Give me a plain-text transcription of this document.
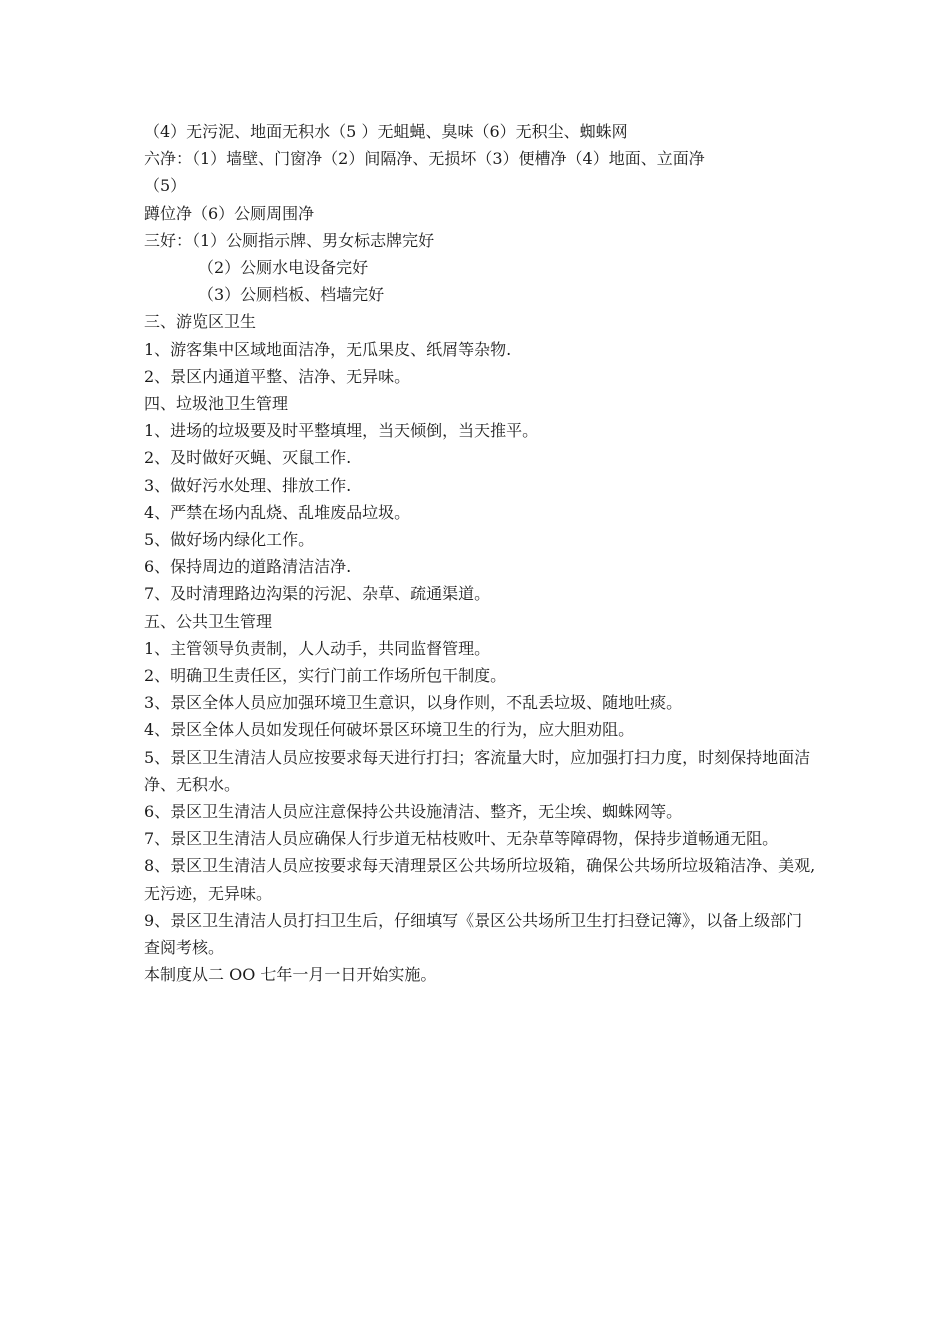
（4）无污泥、地面无积水（5 ）无蛆蝇、臭味（6）无积尘、蜘蛛网
六净：（1）墙壁、门窗净（2）间隔净、无损坏（3）便槽净（4）地面、立面净
（5）
蹲位净（6）公厕周围净
三好：（1）公厕指示牌、男女标志牌完好
（2）公厕水电设备完好
（3）公厕档板、档墙完好
三、游览区卫生
1、游客集中区域地面洁净，无瓜果皮、纸屑等杂物.
2、景区内通道平整、洁净、无异味。
四、垃圾池卫生管理
1、进场的垃圾要及时平整填埋，当天倾倒，当天推平。
2、及时做好灭蝇、灭鼠工作.
3、做好污水处理、排放工作.
4、严禁在场内乱烧、乱堆废品垃圾。
5、做好场内绿化工作。
6、保持周边的道路清洁洁净.
7、及时清理路边沟渠的污泥、杂草、疏通渠道。
五、公共卫生管理
1、主管领导负责制，人人动手，共同监督管理。
2、明确卫生责任区，实行门前工作场所包干制度。
3、景区全体人员应加强环境卫生意识，以身作则，不乱丢垃圾、随地吐痰。
4、景区全体人员如发现任何破坏景区环境卫生的行为，应大胆劝阻。
5、景区卫生清洁人员应按要求每天进行打扫；客流量大时，应加强打扫力度，时刻保持地面洁净、无积水。
6、景区卫生清洁人员应注意保持公共设施清洁、整齐，无尘埃、蜘蛛网等。
7、景区卫生清洁人员应确保人行步道无枯枝败叶、无杂草等障碍物，保持步道畅通无阻。
8、景区卫生清洁人员应按要求每天清理景区公共场所垃圾箱，确保公共场所垃圾箱洁净、美观,无污迹，无异味。
9、景区卫生清洁人员打扫卫生后，仔细填写《景区公共场所卫生打扫登记簿》，以备上级部门查阅考核。
本制度从二 OO 七年一月一日开始实施。
